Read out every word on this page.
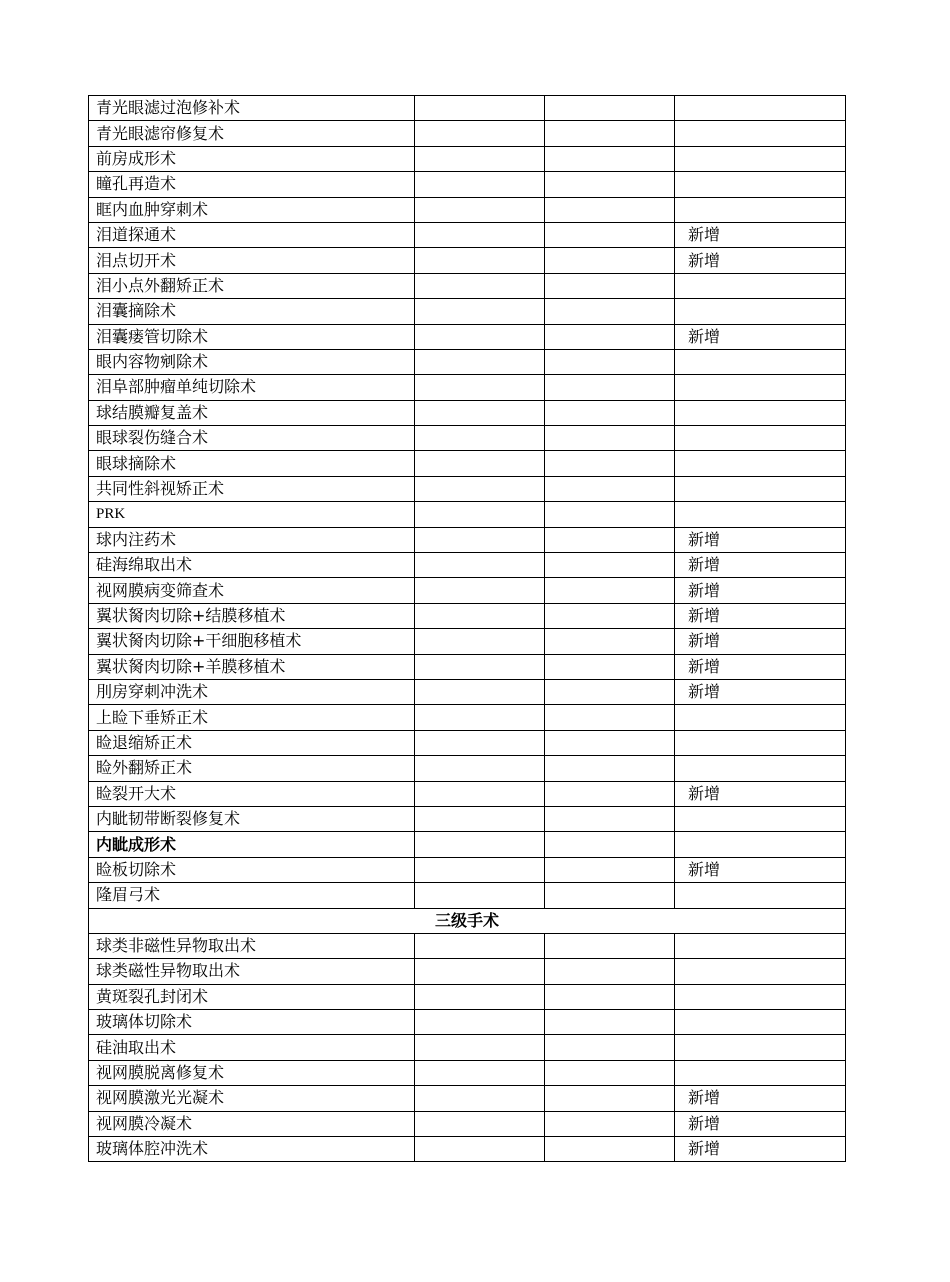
青光眼滤过泡修补术			
青光眼滤帘修复术			
前房成形术			
瞳孔再造术			
眶内血肿穿刺术			
泪道探通术			新增
泪点切开术			新增
泪小点外翻矫正术			
泪囊摘除术			
泪囊瘘管切除术			新增
眼内容物剜除术			
泪阜部肿瘤单纯切除术			
球结膜瓣复盖术			
眼球裂伤缝合术			
眼球摘除术			
共同性斜视矫正术			
PRK			
球内注药术			新增
硅海绵取出术			新增
视网膜病变筛查术			新增
翼状胬肉切除+结膜移植术			新增
翼状胬肉切除+干细胞移植术			新增
翼状胬肉切除+羊膜移植术			新增
刖房穿刺冲洗术			新增
上睑下垂矫正术			
睑退缩矫正术			
睑外翻矫正术			
睑裂开大术			新增
内眦韧带断裂修复术			
内眦成形术			
睑板切除术			新增
隆眉弓术			
三级手术			
球类非磁性异物取出术			
球类磁性异物取出术			
黄斑裂孔封闭术			
玻璃体切除术			
硅油取出术			
视网膜脱离修复术			
视网膜激光光凝术			新增
视网膜冷凝术			新增
玻璃体腔冲洗术			新增
